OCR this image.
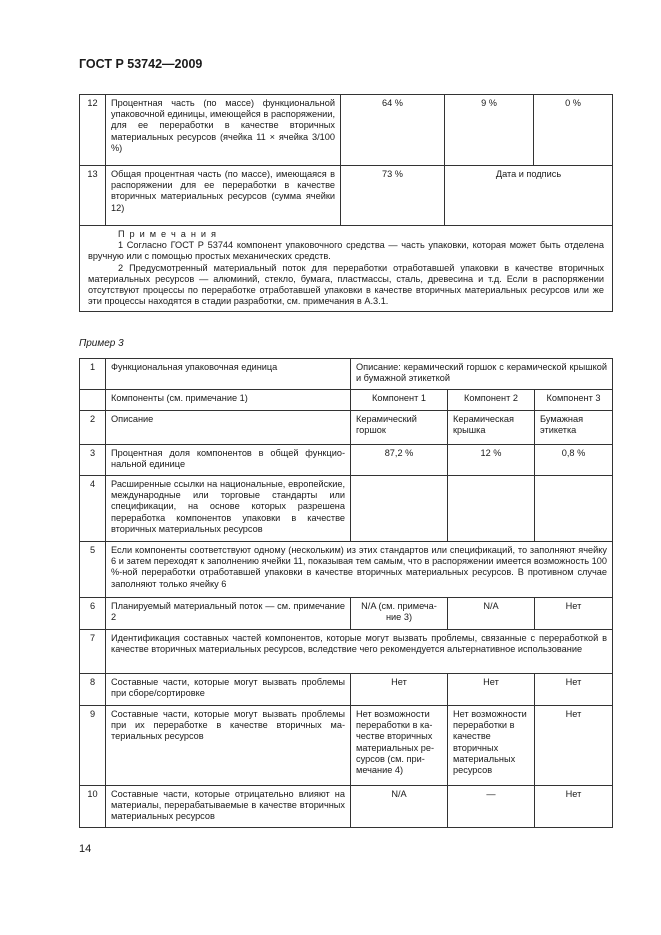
ГОСТ Р 53742—2009
12	Процентная часть (по массе) функциональной упаковочной единицы, имеющейся в распоряжении, для ее переработки в качестве вторичных материальных ресурсов (ячейка 11 × ячейка 3/100 %)	64 %	9 %	0 %
13	Общая процентная часть (по массе), имеющаяся в распоряжении для ее переработки в качестве вторичных материальных ресурсов (сумма ячейки 12)	73 %	Дата и подпись	

П р и м е ч а н и я

1 Согласно ГОСТ Р 53744 компонент упаковочного средства — часть упаковки, которая может быть отделена вручную или с помощью простых механических средств.

2 Предусмотренный материальный поток для переработки отработавшей упаковки в качестве вторичных материальных ресурсов — алюминий, стекло, бумага, пластмассы, сталь, древесина и т.д. Если в распоряжении отсутствуют процессы по переработке отработавшей упаковки в качестве вторичных материальных ресурсов или же эти процессы находятся в стадии разработки, см. примечания в А.3.1.				

Пример 3
1	Функциональная упаковочная единица	Описание: керамический горшок с керамической крышкой и бумажной этикеткой		
	Компоненты (см. примечание 1)	Компонент 1	Компонент 2	Компонент 3
2	Описание	Керамический горшок	Керамическая крышка	Бумажная этикетка
3	Процентная доля компонентов в общей функциональной единице	87,2 %	12 %	0,8 %
4	Расширенные ссылки на национальные, европейские, международные или торговые стандарты или спецификации, на основе которых разрешена переработка компонентов упаковки в качестве вторичных материальных ресурсов			
5	Если компоненты соответствуют одному (нескольким) из этих стандартов или спецификаций, то заполняют ячейку 6 и затем переходят к заполнению ячейки 11, показывая тем самым, что в распоряжении имеется возможность 100 %-ной переработки отработавшей упаковки в качестве вторичных материальных ресурсов. В противном случае заполняют только ячейку 6			
6	Планируемый материальный поток — см. примечание 2	N/A (см. примечание 3)	N/A	Нет
7	Идентификация составных частей компонентов, которые могут вызвать проблемы, связанные с переработкой в качестве вторичных материальных ресурсов, вследствие чего рекомендуется альтернативное использование			
8	Составные части, которые могут вызвать проблемы при сборе/сортировке	Нет	Нет	Нет
9	Составные части, которые могут вызвать проблемы при их переработке в качестве вторичных материальных ресурсов	Нет возможности переработки в качестве вторичных материальных ресурсов (см. примечание 4)	Нет возможности переработки в качестве вторичных материальных ресурсов	Нет
10	Составные части, которые отрицательно влияют на материалы, перерабатываемые в качестве вторичных материальных ресурсов	N/A	—	Нет
14
